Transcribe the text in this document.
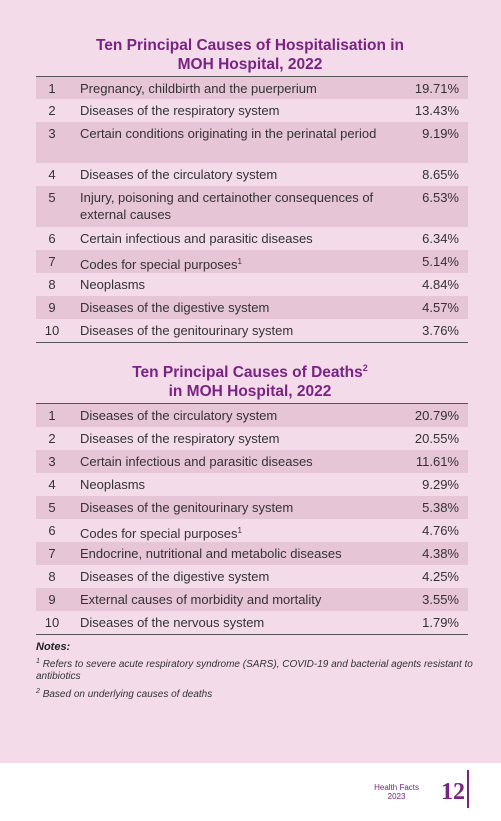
Ten Principal Causes of Hospitalisation in
MOH Hospital, 2022
1	Pregnancy, childbirth and the puerperium	19.71%
2	Diseases of the respiratory system	13.43%
3	Certain conditions originating in the perinatal period	9.19%
4	Diseases of the circulatory system	8.65%
5	Injury, poisoning and certainother consequences of external causes	6.53%
6	Certain infectious and parasitic diseases	6.34%
7	Codes for special purposes$^1$	5.14%
8	Neoplasms	4.84%
9	Diseases of the digestive system	4.57%
10	Diseases of the genitourinary system	3.76%
Ten Principal Causes of Deaths$^2$
in MOH Hospital, 2022
1	Diseases of the circulatory system	20.79%
2	Diseases of the respiratory system	20.55%
3	Certain infectious and parasitic diseases	11.61%
4	Neoplasms	9.29%
5	Diseases of the genitourinary system	5.38%
6	Codes for special purposes$^1$	4.76%
7	Endocrine, nutritional and metabolic diseases	4.38%
8	Diseases of the digestive system	4.25%
9	External causes of morbidity and mortality	3.55%
10	Diseases of the nervous system	1.79%
Notes:
$^1$ Refers to severe acute respiratory syndrome (SARS), COVID-19 and bacterial agents resistant to antibiotics
$^2$ Based on underlying causes of deaths
Health Facts
2023	12
